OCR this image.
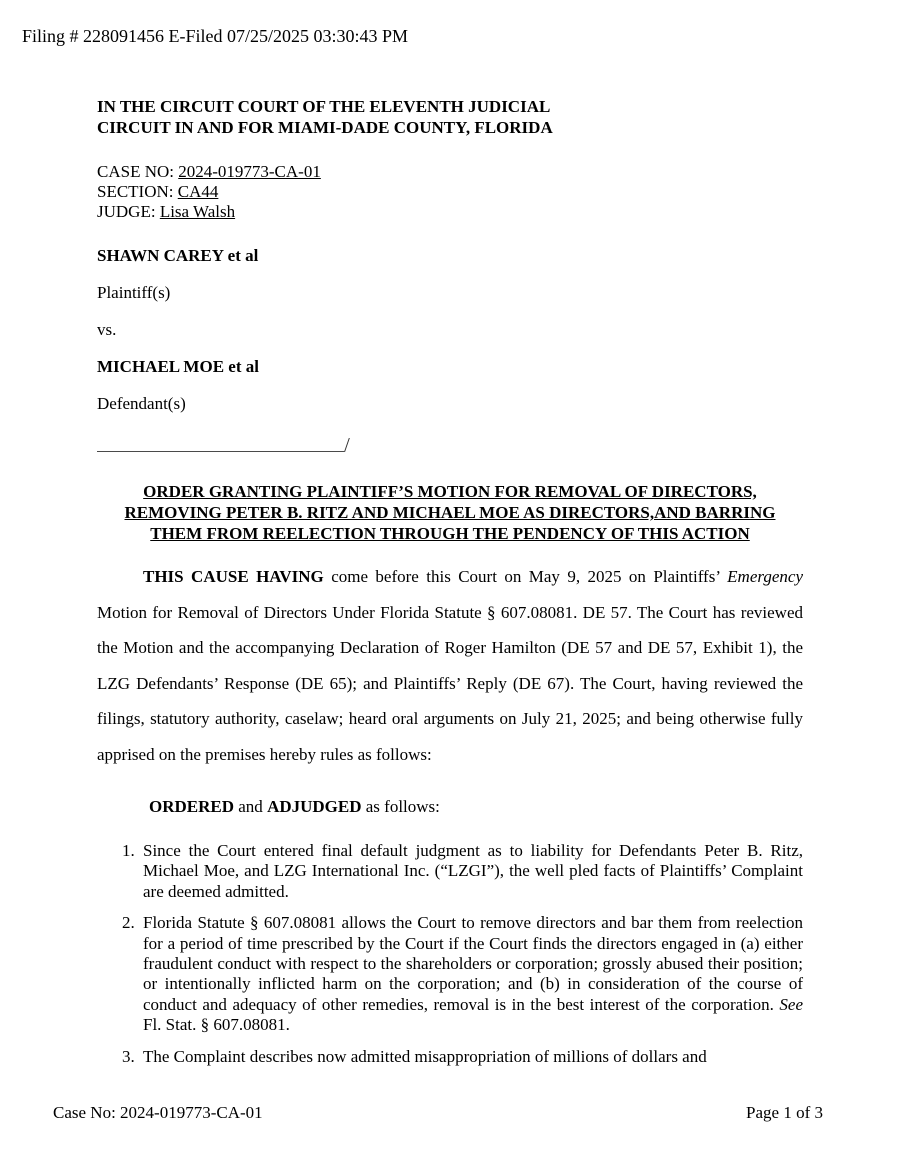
Filing # 228091456 E-Filed 07/25/2025 03:30:43 PM
IN THE CIRCUIT COURT OF THE ELEVENTH JUDICIAL
CIRCUIT IN AND FOR MIAMI-DADE COUNTY, FLORIDA
CASE NO: 2024-019773-CA-01
SECTION: CA44
JUDGE: Lisa Walsh
SHAWN CAREY et al
Plaintiff(s)
vs.
MICHAEL MOE et al
Defendant(s)
/
ORDER GRANTING PLAINTIFF’S MOTION FOR REMOVAL OF DIRECTORS,
REMOVING PETER B. RITZ AND MICHAEL MOE AS DIRECTORS,AND BARRING
THEM FROM REELECTION THROUGH THE PENDENCY OF THIS ACTION
THIS CAUSE HAVING come before this Court on May 9, 2025 on Plaintiffs’ Emergency Motion for Removal of Directors Under Florida Statute § 607.08081. DE 57. The Court has reviewed the Motion and the accompanying Declaration of Roger Hamilton (DE 57 and DE 57, Exhibit 1), the LZG Defendants’ Response (DE 65); and Plaintiffs’ Reply (DE 67). The Court, having reviewed the filings, statutory authority, caselaw; heard oral arguments on July 21, 2025; and being otherwise fully apprised on the premises hereby rules as follows:
ORDERED and ADJUDGED as follows:
1. Since the Court entered final default judgment as to liability for Defendants Peter B. Ritz, Michael Moe, and LZG International Inc. (“LZGI”), the well pled facts of Plaintiffs’ Complaint are deemed admitted.
2. Florida Statute § 607.08081 allows the Court to remove directors and bar them from reelection for a period of time prescribed by the Court if the Court finds the directors engaged in (a) either fraudulent conduct with respect to the shareholders or corporation; grossly abused their position; or intentionally inflicted harm on the corporation; and (b) in consideration of the course of conduct and adequacy of other remedies, removal is in the best interest of the corporation. See Fl. Stat. § 607.08081.
3. The Complaint describes now admitted misappropriation of millions of dollars and
Case No: 2024-019773-CA-01	Page 1 of 3
